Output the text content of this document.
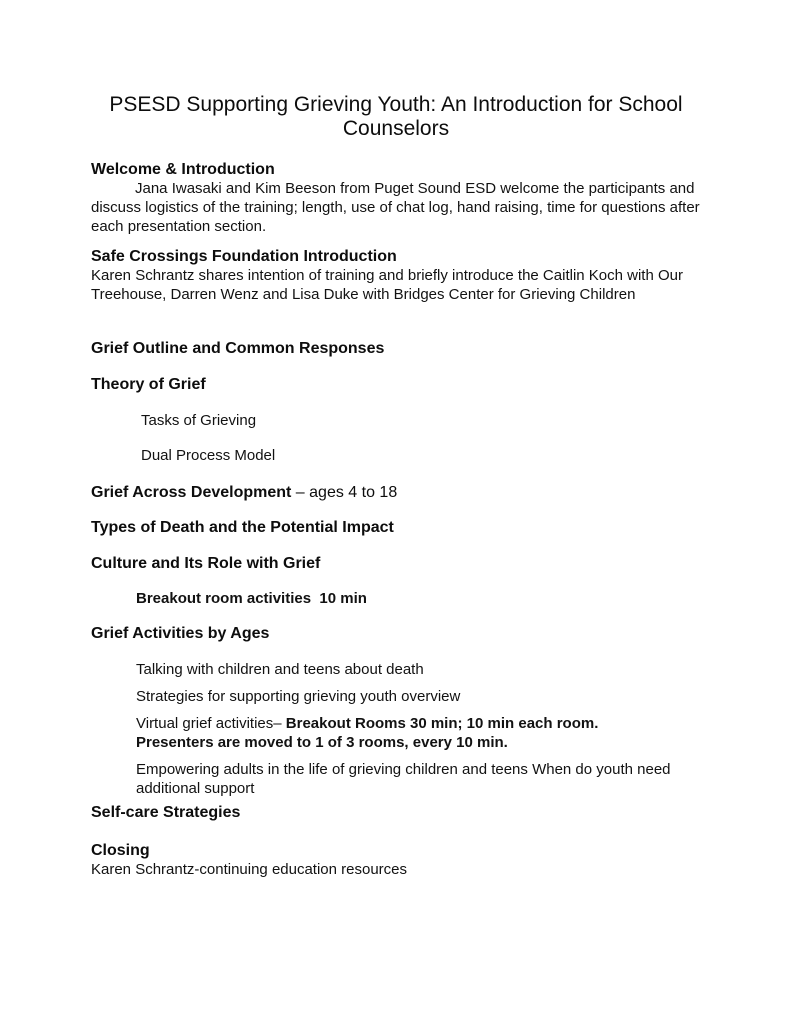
PSESD Supporting Grieving Youth: An Introduction for School Counselors
Welcome & Introduction

Jana Iwasaki and Kim Beeson from Puget Sound ESD welcome the participants and discuss logistics of the training; length, use of chat log, hand raising, time for questions after each presentation section.

Safe Crossings Foundation Introduction

Karen Schrantz shares intention of training and briefly introduce the Caitlin Koch with Our Treehouse, Darren Wenz and Lisa Duke with Bridges Center for Grieving Children

Grief Outline and Common Responses
Theory of Grief

Tasks of Grieving

Dual Process Model

Grief Across Development – ages 4 to 18
Types of Death and the Potential Impact
Culture and Its Role with Grief

Breakout room activities  10 min

Grief Activities by Ages

Talking with children and teens about death

Strategies for supporting grieving youth overview

Virtual grief activities– Breakout Rooms 30 min; 10 min each room.
Presenters are moved to 1 of 3 rooms, every 10 min.

Empowering adults in the life of grieving children and teens When do youth need additional support

Self-care Strategies
Closing

Karen Schrantz-continuing education resources
